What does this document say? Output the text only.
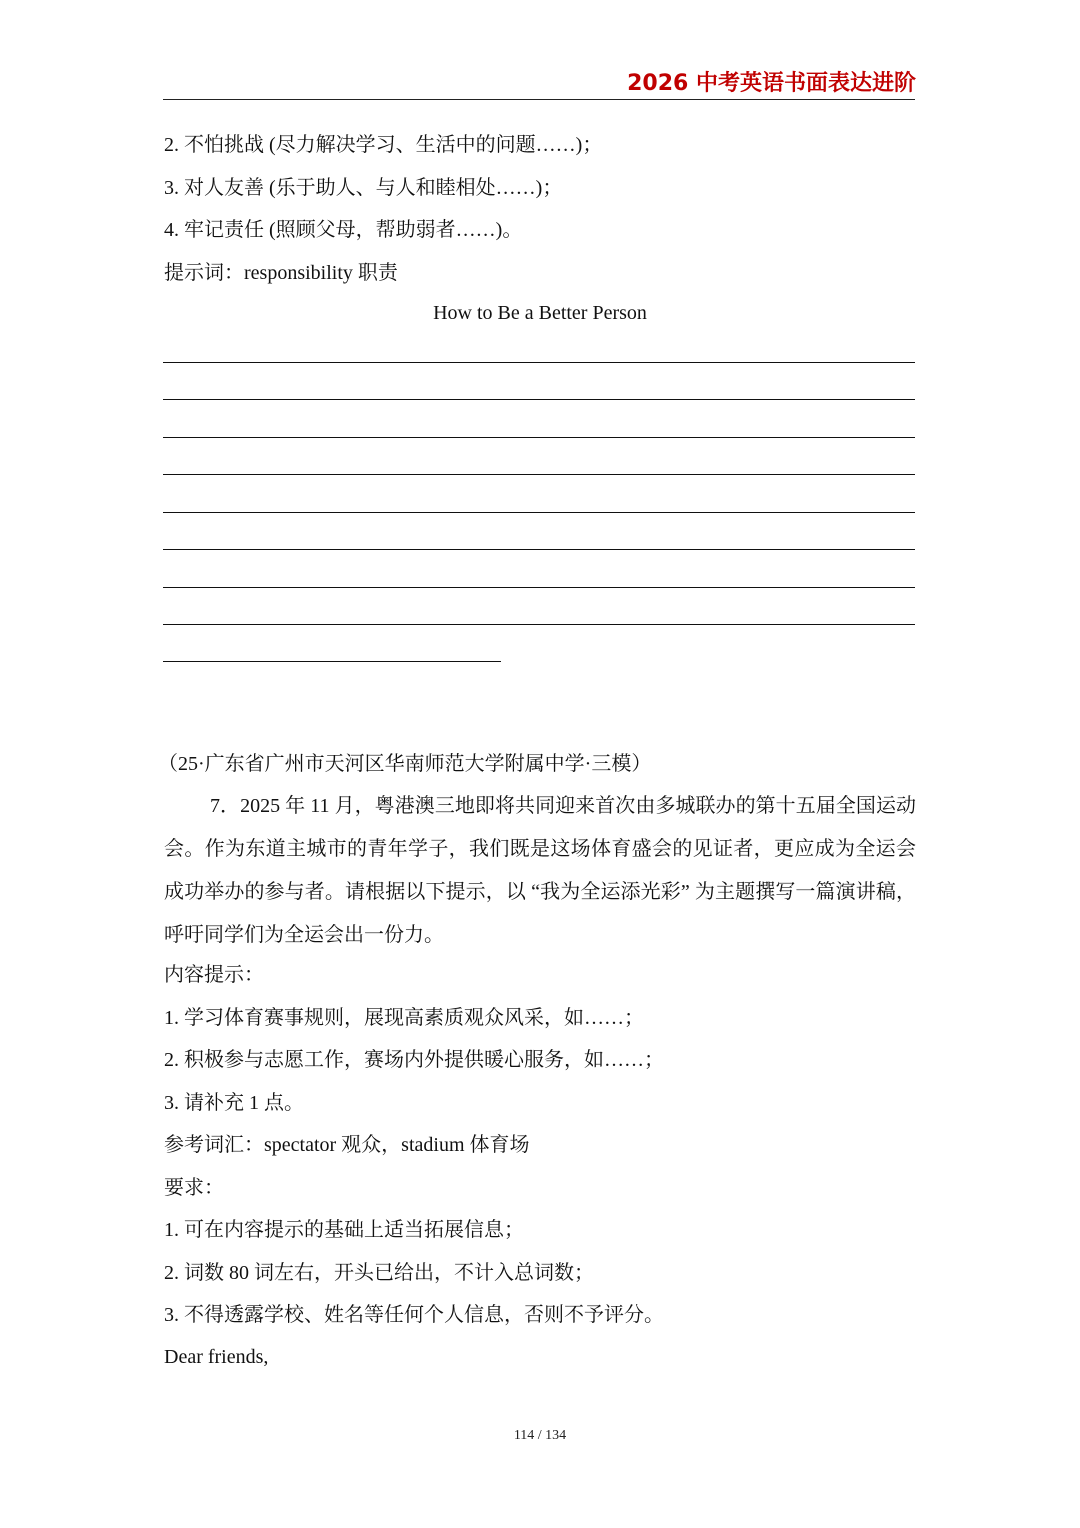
2026 中考英语书面表达进阶
2. 不怕挑战 (尽力解决学习、生活中的问题……)；
3. 对人友善 (乐于助人、与人和睦相处……)；
4. 牢记责任 (照顾父母，帮助弱者……)。
提示词：responsibility 职责
How to Be a Better Person
（25·广东省广州市天河区华南师范大学附属中学·三模）
7．2025 年 11 月，粤港澳三地即将共同迎来首次由多城联办的第十五届全国运动会。作为东道主城市的青年学子，我们既是这场体育盛会的见证者，更应成为全运会成功举办的参与者。请根据以下提示，以 “我为全运添光彩” 为主题撰写一篇演讲稿，呼吁同学们为全运会出一份力。
内容提示：
1. 学习体育赛事规则，展现高素质观众风采，如……；
2. 积极参与志愿工作，赛场内外提供暖心服务，如……；
3. 请补充 1 点。
参考词汇：spectator 观众，stadium 体育场
要求：
1. 可在内容提示的基础上适当拓展信息；
2. 词数 80 词左右，开头已给出，不计入总词数；
3. 不得透露学校、姓名等任何个人信息，否则不予评分。
Dear friends,
114 / 134
